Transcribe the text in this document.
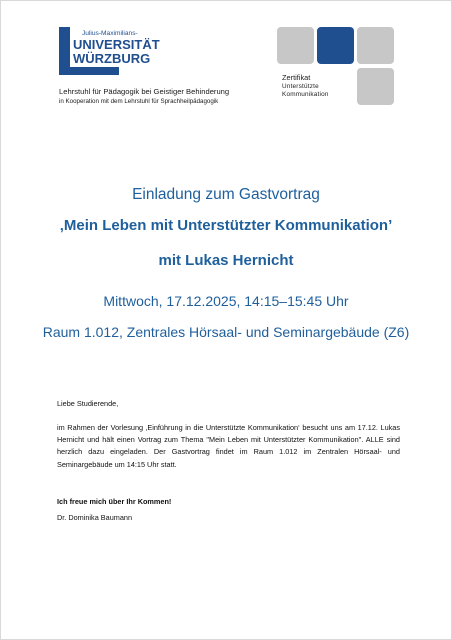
Julius-Maximilians-
UNIVERSITÄT
WÜRZBURG
Lehrstuhl für Pädagogik bei Geistiger Behinderung
in Kooperation mit dem Lehrstuhl für Sprachheilpädagogik
Zertifikat
Unterstützte
Kommunikation
Einladung zum Gastvortrag
‚Mein Leben mit Unterstützter Kommunikation’
mit Lukas Hernicht
Mittwoch, 17.12.2025, 14:15–15:45 Uhr
Raum 1.012, Zentrales Hörsaal- und Seminargebäude (Z6)
Liebe Studierende,
im Rahmen der Vorlesung ‚Einführung in die Unterstützte Kommunikation‘ besucht uns am 17.12. Lukas Hernicht und hält einen Vortrag zum Thema "Mein Leben mit Unterstützter Kommunikation". ALLE sind herzlich dazu eingeladen. Der Gastvortrag findet im Raum 1.012 im Zentralen Hörsaal- und Seminargebäude um 14:15 Uhr statt.
Ich freue mich über Ihr Kommen!
Dr. Dominika Baumann
